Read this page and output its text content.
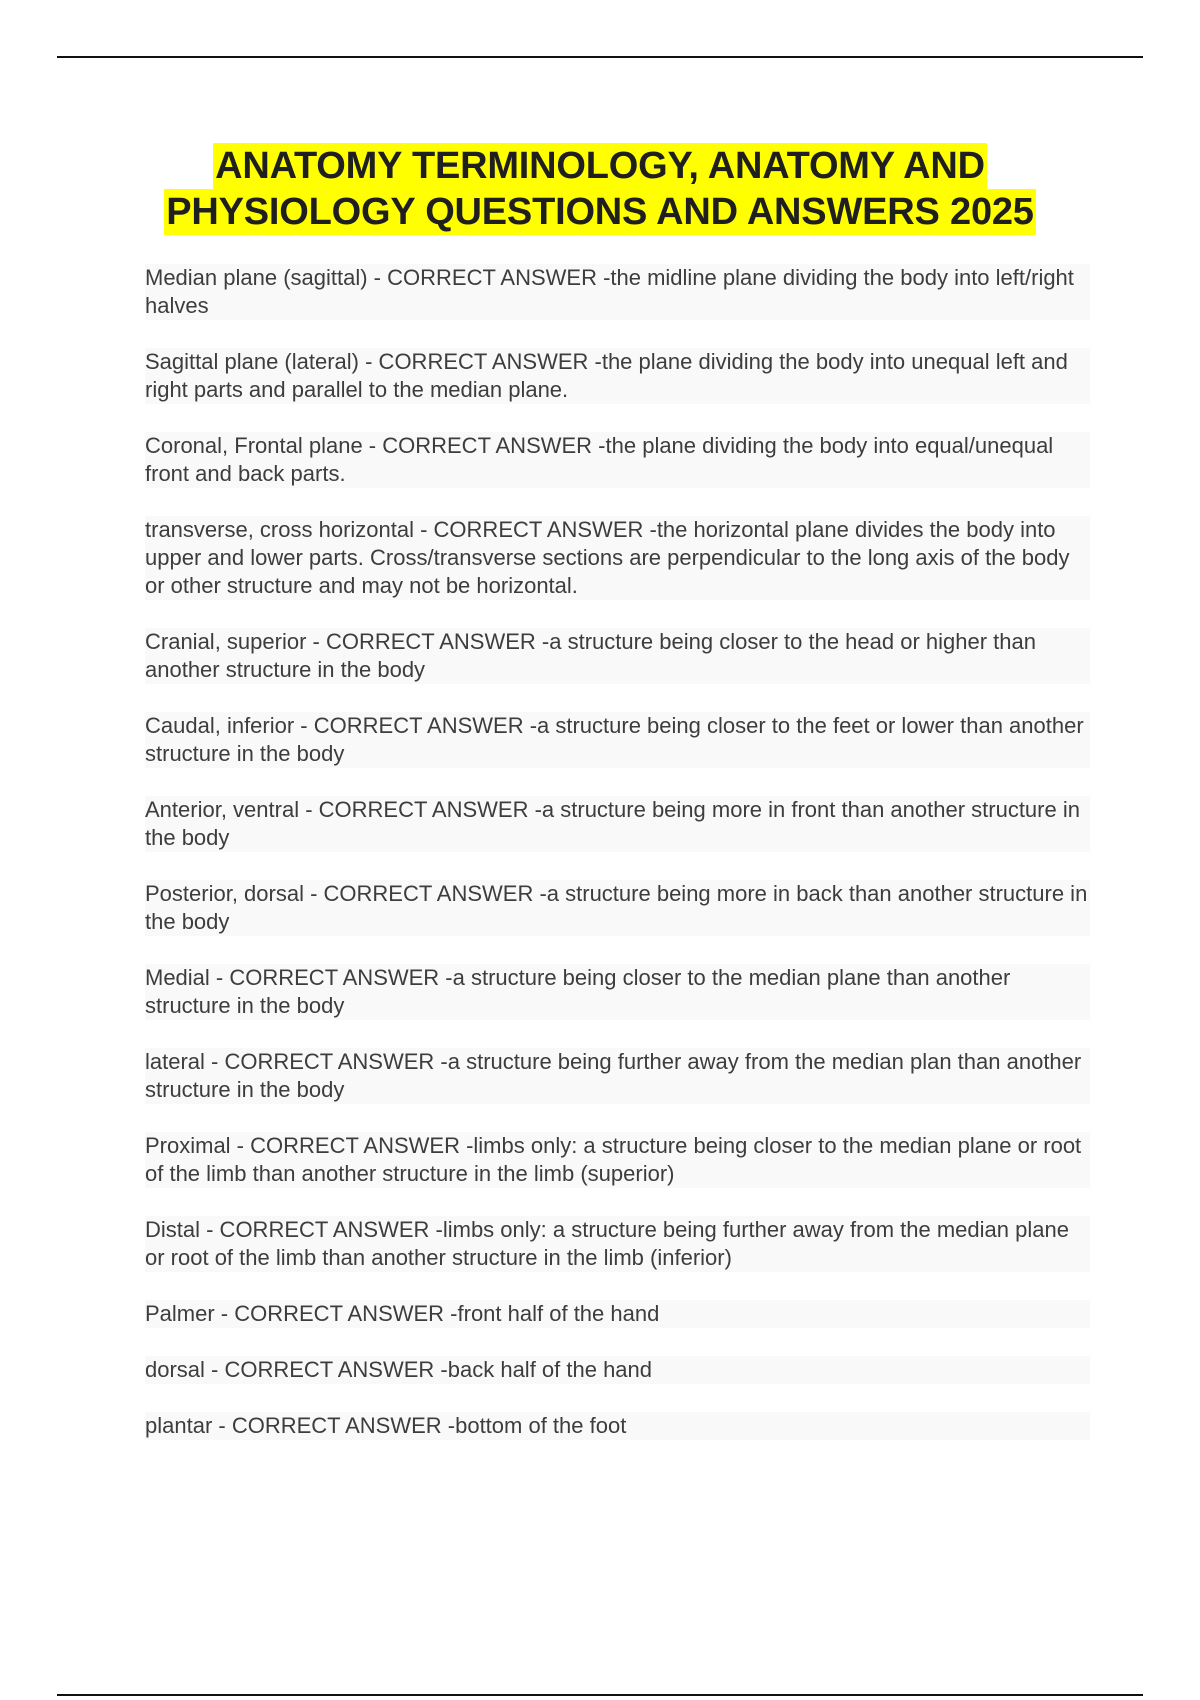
ANATOMY TERMINOLOGY, ANATOMY AND
PHYSIOLOGY QUESTIONS AND ANSWERS 2025

Median plane (sagittal) - CORRECT ANSWER -the midline plane dividing the body into left/right halves

Sagittal plane (lateral) - CORRECT ANSWER -the plane dividing the body into unequal left and right parts and parallel to the median plane.

Coronal, Frontal plane - CORRECT ANSWER -the plane dividing the body into equal/unequal front and back parts.

transverse, cross horizontal - CORRECT ANSWER -the horizontal plane divides the body into upper and lower parts. Cross/transverse sections are perpendicular to the long axis of the body or other structure and may not be horizontal.

Cranial, superior - CORRECT ANSWER -a structure being closer to the head or higher than another structure in the body

Caudal, inferior - CORRECT ANSWER -a structure being closer to the feet or lower than another structure in the body

Anterior, ventral - CORRECT ANSWER -a structure being more in front than another structure in the body

Posterior, dorsal - CORRECT ANSWER -a structure being more in back than another structure in the body

Medial - CORRECT ANSWER -a structure being closer to the median plane than another structure in the body

lateral - CORRECT ANSWER -a structure being further away from the median plan than another structure in the body

Proximal - CORRECT ANSWER -limbs only: a structure being closer to the median plane or root of the limb than another structure in the limb (superior)

Distal - CORRECT ANSWER -limbs only: a structure being further away from the median plane or root of the limb than another structure in the limb (inferior)

Palmer - CORRECT ANSWER -front half of the hand

dorsal - CORRECT ANSWER -back half of the hand

plantar - CORRECT ANSWER -bottom of the foot
